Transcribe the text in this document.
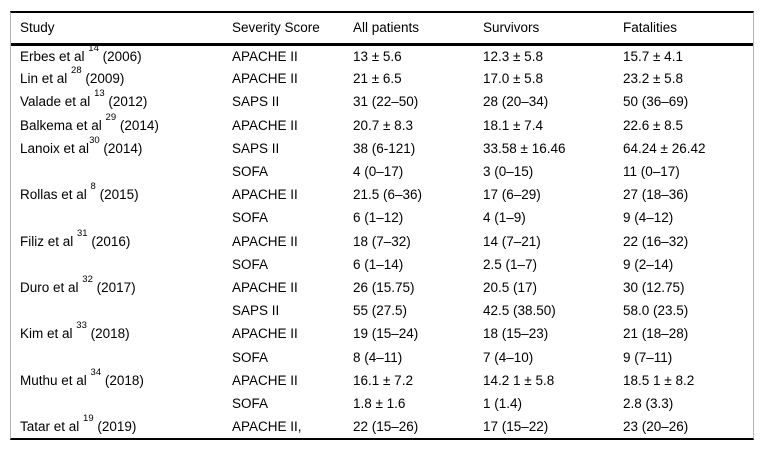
Study	Severity Score	All patients	Survivors	Fatalities
Erbes et al $^{14}$ (2006)	APACHE II	13 ± 5.6	12.3 ± 5.8	15.7 ± 4.1
Lin et al $^{28}$ (2009)	APACHE II	21 ± 6.5	17.0 ± 5.8	23.2 ± 5.8
Valade et al $^{13}$ (2012)	SAPS II	31 (22–50)	28 (20–34)	50 (36–69)
Balkema et al $^{29}$ (2014)	APACHE II	20.7 ± 8.3	18.1 ± 7.4	22.6 ± 8.5
Lanoix et al$^{30}$ (2014)	SAPS II	38 (6-121)	33.58 ± 16.46	64.24 ± 26.42
	SOFA	4 (0–17)	3 (0–15)	11 (0–17)
Rollas et al $^8$ (2015)	APACHE II	21.5 (6–36)	17 (6–29)	27 (18–36)
	SOFA	6 (1–12)	4 (1–9)	9 (4–12)
Filiz et al $^{31}$ (2016)	APACHE II	18 (7–32)	14 (7–21)	22 (16–32)
	SOFA	6 (1–14)	2.5 (1–7)	9 (2–14)
Duro et al $^{32}$ (2017)	APACHE II	26 (15.75)	20.5 (17)	30 (12.75)
	SAPS II	55 (27.5)	42.5 (38.50)	58.0 (23.5)
Kim et al $^{33}$ (2018)	APACHE II	19 (15–24)	18 (15–23)	21 (18–28)
	SOFA	8 (4–11)	7 (4–10)	9 (7–11)
Muthu et al $^{34}$ (2018)	APACHE II	16.1 ± 7.2	14.2 1 ± 5.8	18.5 1 ± 8.2
	SOFA	1.8 ± 1.6	1 (1.4)	2.8 (3.3)
Tatar et al $^{19}$ (2019)	APACHE II,	22 (15–26)	17 (15–22)	23 (20–26)
